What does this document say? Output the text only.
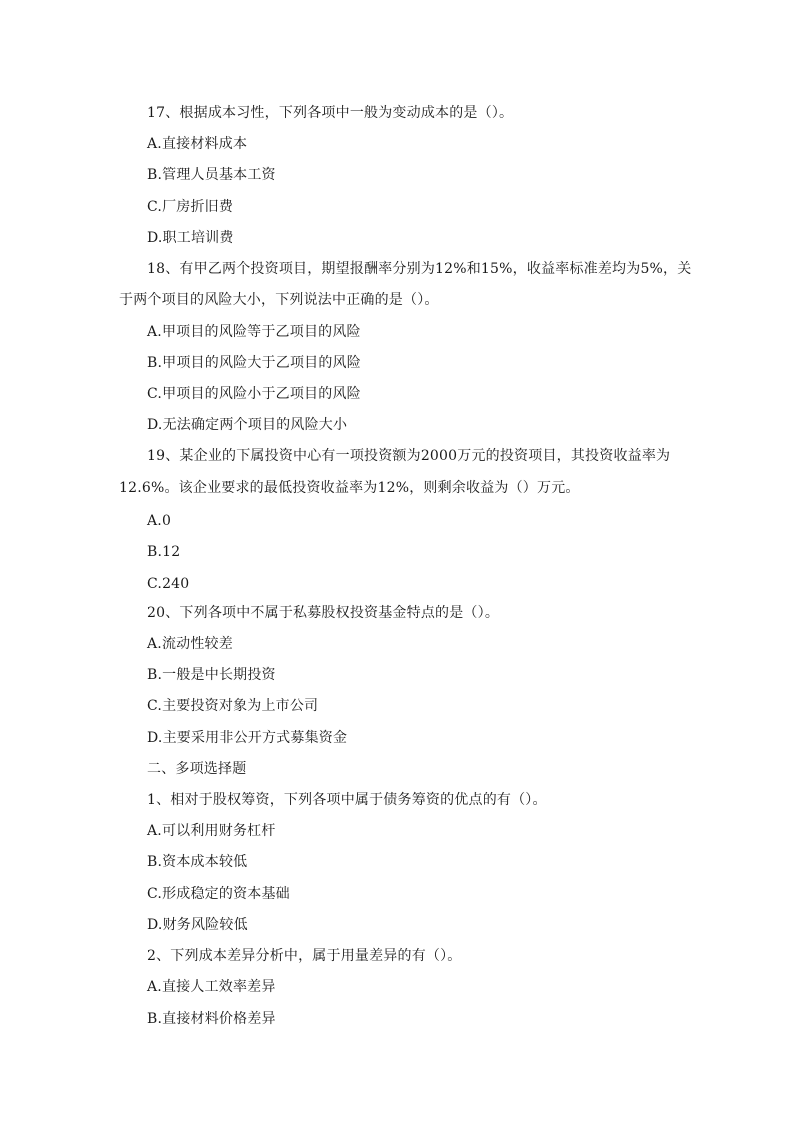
17、根据成本习性，下列各项中一般为变动成本的是（）。
A.直接材料成本
B.管理人员基本工资
C.厂房折旧费
D.职工培训费
18、有甲乙两个投资项目，期望报酬率分别为12%和15%，收益率标准差均为5%，关
于两个项目的风险大小，下列说法中正确的是（）。
A.甲项目的风险等于乙项目的风险
B.甲项目的风险大于乙项目的风险
C.甲项目的风险小于乙项目的风险
D.无法确定两个项目的风险大小
19、某企业的下属投资中心有一项投资额为2000万元的投资项目，其投资收益率为
12.6%。该企业要求的最低投资收益率为12%，则剩余收益为（）万元。
A.0
B.12
C.240
20、下列各项中不属于私募股权投资基金特点的是（）。
A.流动性较差
B.一般是中长期投资
C.主要投资对象为上市公司
D.主要采用非公开方式募集资金
二、多项选择题
1、相对于股权筹资，下列各项中属于债务筹资的优点的有（）。
A.可以利用财务杠杆
B.资本成本较低
C.形成稳定的资本基础
D.财务风险较低
2、下列成本差异分析中，属于用量差异的有（）。
A.直接人工效率差异
B.直接材料价格差异
